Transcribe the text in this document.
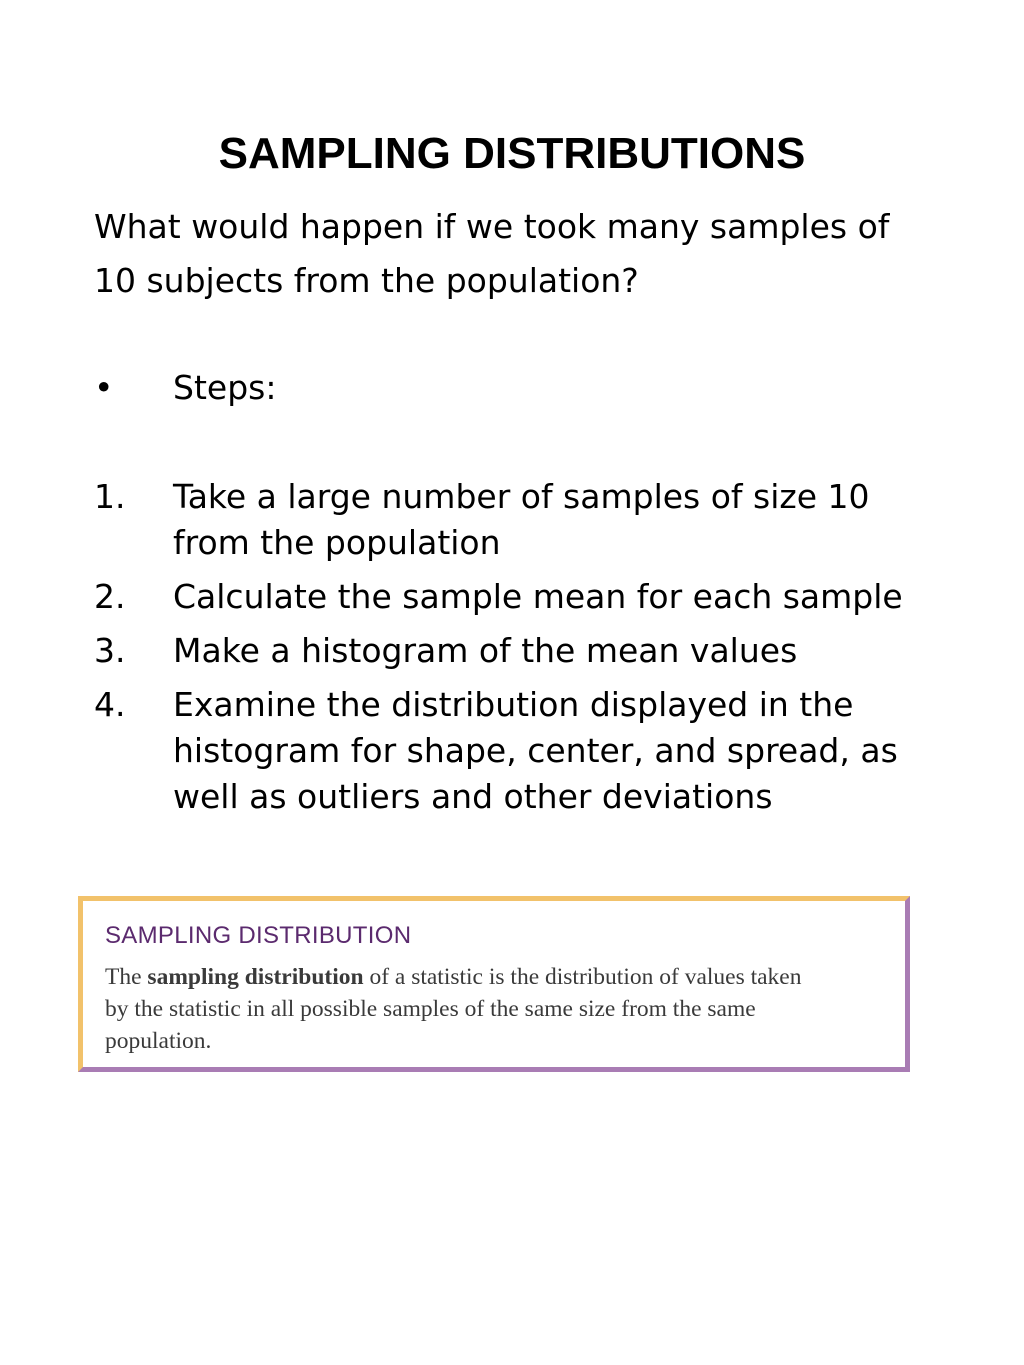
SAMPLING DISTRIBUTIONS

What would happen if we took many samples of
10 subjects from the population?

• Steps:
1. Take a large number of samples of size 10
from the population
2. Calculate the sample mean for each sample
3. Make a histogram of the mean values
4. Examine the distribution displayed in the
histogram for shape, center, and spread, as
well as outliers and other deviations
SAMPLING DISTRIBUTION
The sampling distribution of a statistic is the distribution of values taken
by the statistic in all possible samples of the same size from the same
population.
